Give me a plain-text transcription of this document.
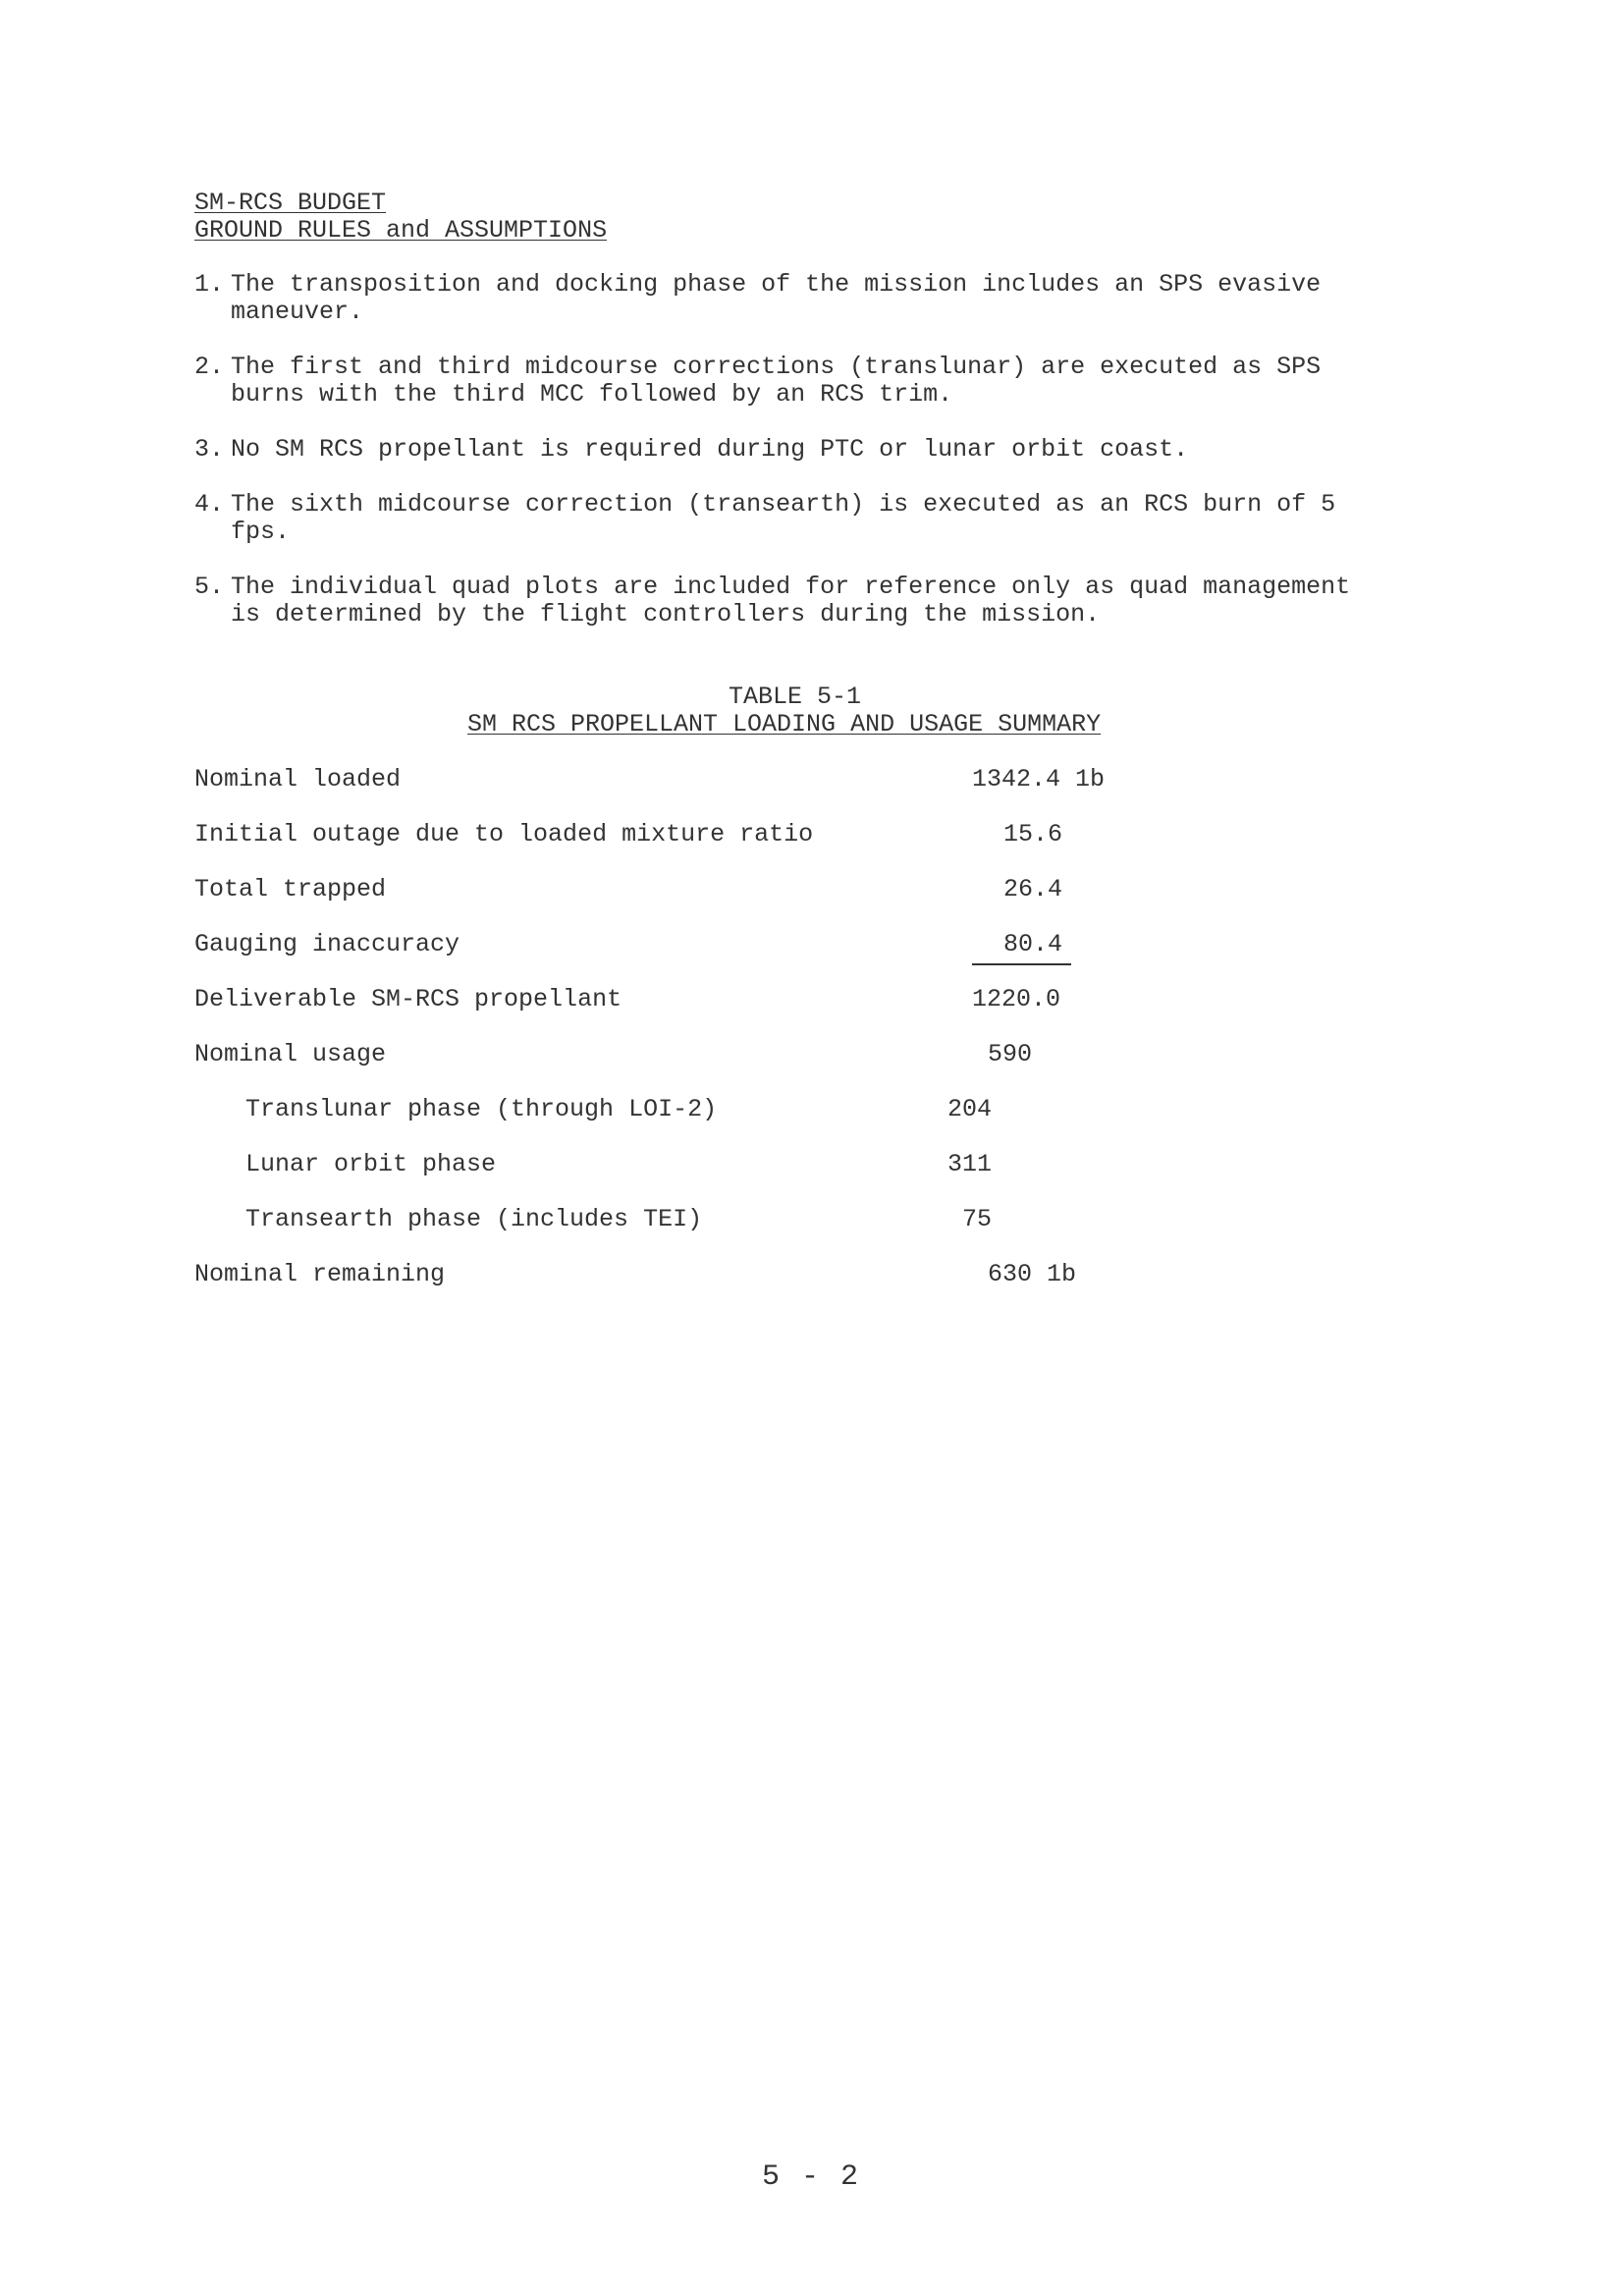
SM-RCS BUDGET
GROUND RULES and ASSUMPTIONS
1. The transposition and docking phase of the mission includes an SPS evasive
maneuver.
2. The first and third midcourse corrections (translunar) are executed as SPS
burns with the third MCC followed by an RCS trim.
3. No SM RCS propellant is required during PTC or lunar orbit coast.
4. The sixth midcourse correction (transearth) is executed as an RCS burn of 5
fps.
5. The individual quad plots are included for reference only as quad management
is determined by the flight controllers during the mission.
TABLE 5-1
SM RCS PROPELLANT LOADING AND USAGE SUMMARY
Nominal loaded	1342.4 1b
Initial outage due to loaded mixture ratio	15.6
Total trapped	26.4
Gauging inaccuracy	80.4
Deliverable SM-RCS propellant	1220.0
Nominal usage	590
Translunar phase (through LOI-2)	204
Lunar orbit phase	311
Transearth phase (includes TEI)	75
Nominal remaining	630 1b
5 - 2
